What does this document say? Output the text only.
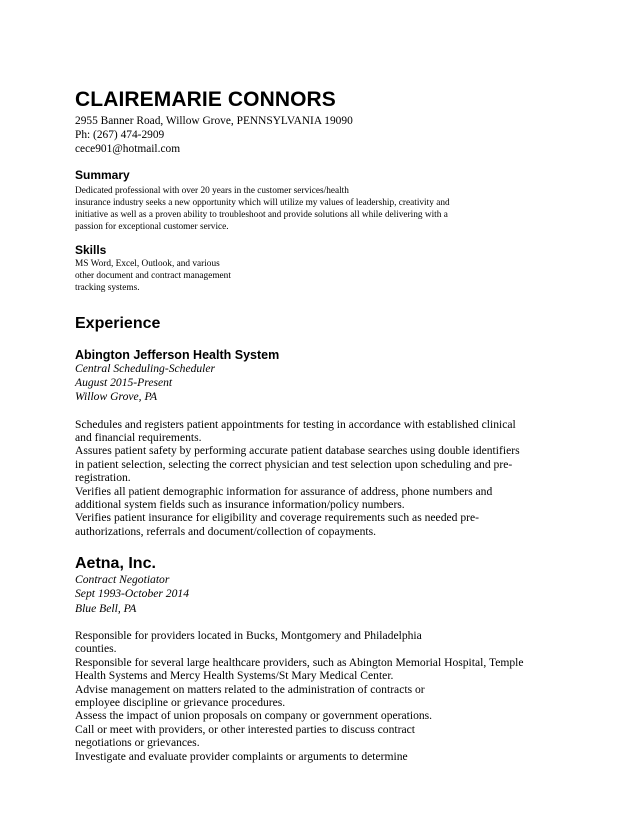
CLAIREMARIE CONNORS
2955 Banner Road, Willow Grove, PENNSYLVANIA 19090
Ph: (267) 474-2909
cece901@hotmail.com
Summary
Dedicated professional with over 20 years in the customer services/health
insurance industry seeks a new opportunity which will utilize my values of leadership, creativity and
initiative as well as a proven ability to troubleshoot and provide solutions all while delivering with a
passion for exceptional customer service.
Skills
MS Word, Excel, Outlook, and various
other document and contract management
tracking systems.
Experience
Abington Jefferson Health System
Central Scheduling-Scheduler
August 2015-Present
Willow Grove, PA
Schedules and registers patient appointments for testing in accordance with established clinical
and financial requirements.
Assures patient safety by performing accurate patient database searches using double identifiers
in patient selection, selecting the correct physician and test selection upon scheduling and pre-
registration.
Verifies all patient demographic information for assurance of address, phone numbers and
additional system fields such as insurance information/policy numbers.
Verifies patient insurance for eligibility and coverage requirements such as needed pre-
authorizations, referrals and document/collection of copayments.
Aetna, Inc.
Contract Negotiator
Sept 1993-October 2014
Blue Bell, PA
Responsible for providers located in Bucks, Montgomery and Philadelphia
counties.
Responsible for several large healthcare providers, such as Abington Memorial Hospital, Temple
Health Systems and Mercy Health Systems/St Mary Medical Center.
Advise management on matters related to the administration of contracts or
employee discipline or grievance procedures.
Assess the impact of union proposals on company or government operations.
Call or meet with providers, or other interested parties to discuss contract
negotiations or grievances.
Investigate and evaluate provider complaints or arguments to determine
